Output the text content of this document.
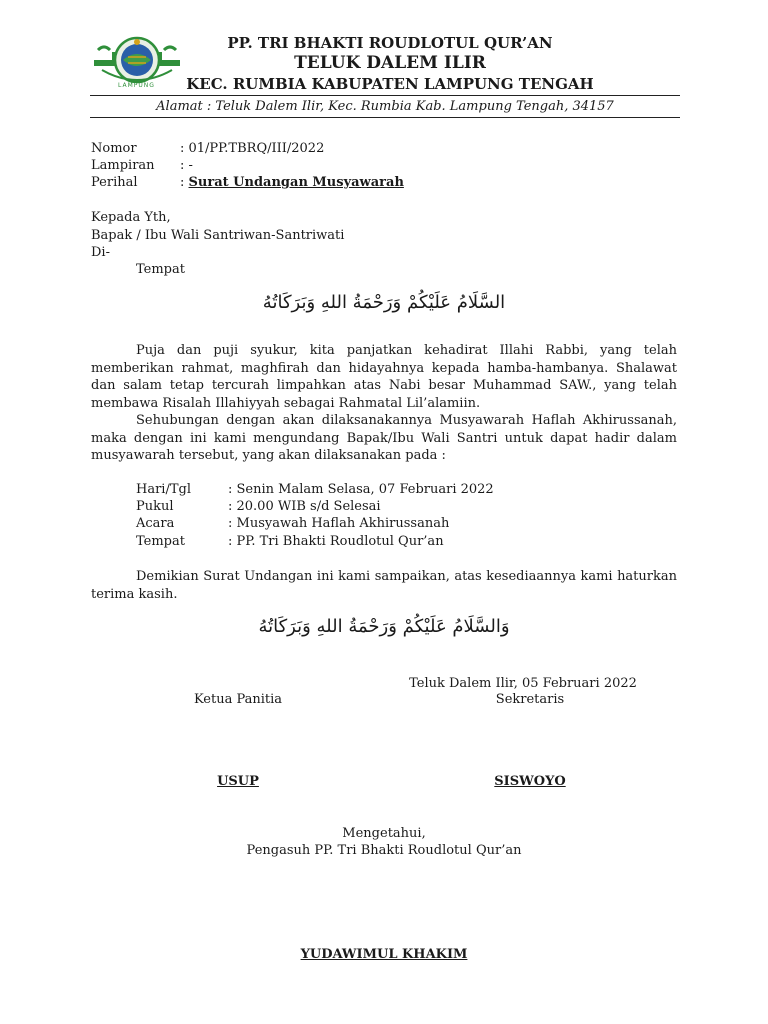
LAMPUNG
PP. TRI BHAKTI ROUDLOTUL QUR’AN
TELUK DALEM ILIR
KEC. RUMBIA KABUPATEN LAMPUNG TENGAH
Alamat : Teluk Dalem Ilir, Kec. Rumbia Kab. Lampung Tengah, 34157
Nomor	: 01/PP.TBRQ/III/2022
Lampiran : -
Perihal	: Surat Undangan Musyawarah
Kepada Yth,
Bapak / Ibu Wali Santriwan-Santriwati
Di-
Tempat
السَّلَامُ عَلَيْكُمْ وَرَحْمَةُ اللهِ وَبَرَكَاتُهُ
Puja dan puji syukur, kita panjatkan kehadirat Illahi Rabbi, yang telah memberikan rahmat, maghfirah dan hidayahnya kepada hamba-hambanya. Shalawat dan salam tetap tercurah limpahkan atas Nabi besar Muhammad SAW., yang telah membawa Risalah Illahiyyah sebagai Rahmatal Lil’alamiin.
Sehubungan dengan akan dilaksanakannya Musyawarah Haflah Akhirussanah, maka dengan ini kami mengundang Bapak/Ibu Wali Santri untuk dapat hadir dalam musyawarah tersebut, yang akan dilaksanakan pada :
Hari/Tgl	: Senin Malam Selasa, 07 Februari 2022
Pukul	: 20.00 WIB s/d Selesai
Acara	: Musyawah Haflah Akhirussanah
Tempat	: PP. Tri Bhakti Roudlotul Qur’an
Demikian Surat Undangan ini kami sampaikan, atas kesediaannya kami haturkan terima kasih.
وَالسَّلَامُ عَلَيْكُمْ وَرَحْمَةُ اللهِ وَبَرَكَاتُهُ
Teluk Dalem Ilir, 05 Februari 2022
Ketua Panitia	Sekretaris
USUP	SISWOYO
Mengetahui,
Pengasuh PP. Tri Bhakti Roudlotul Qur’an
YUDAWIMUL KHAKIM
